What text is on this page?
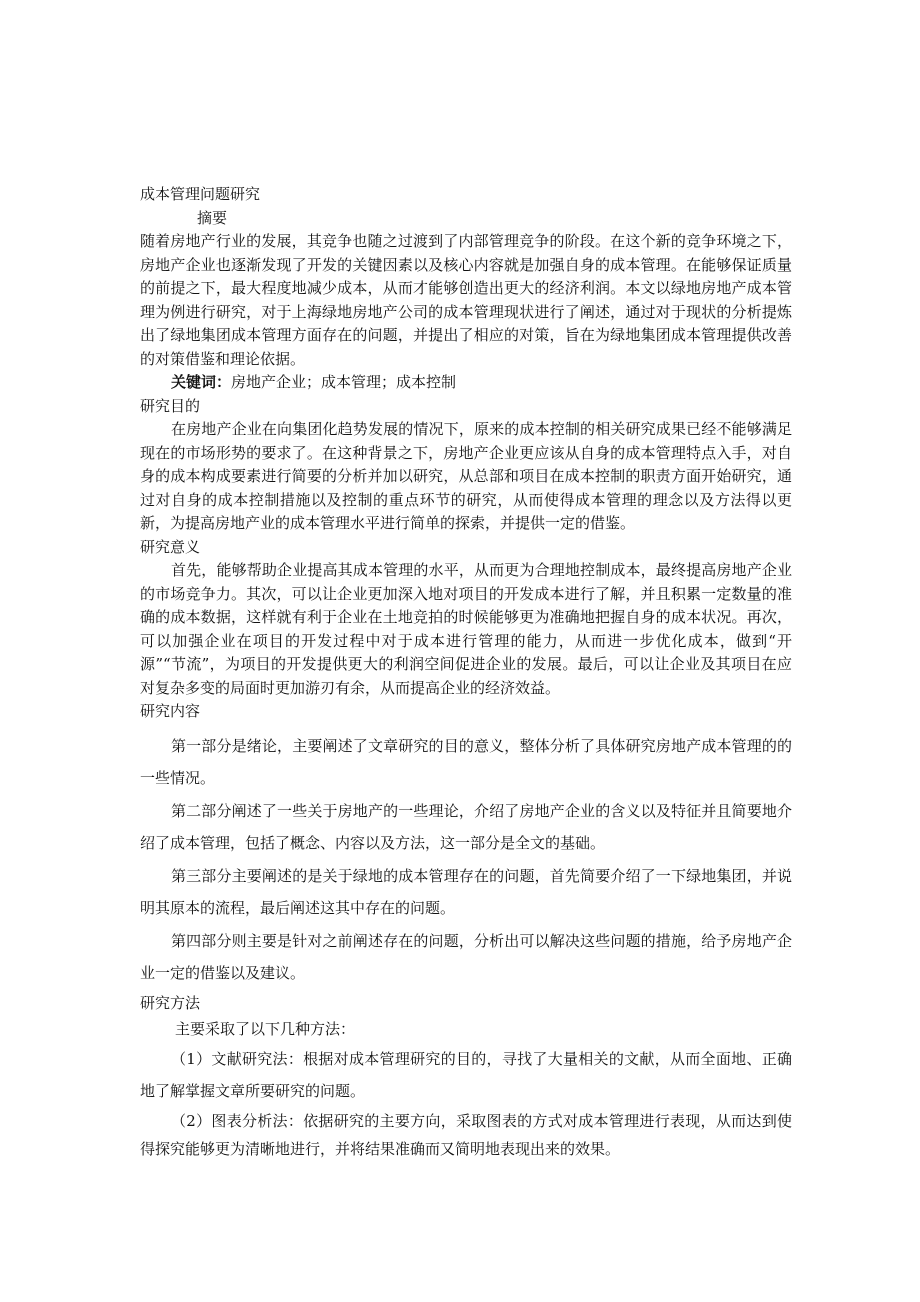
成本管理问题研究

摘要

随着房地产行业的发展，其竞争也随之过渡到了内部管理竞争的阶段。在这个新的竞争环境之下，房地产企业也逐渐发现了开发的关键因素以及核心内容就是加强自身的成本管理。在能够保证质量的前提之下，最大程度地减少成本，从而才能够创造出更大的经济利润。本文以绿地房地产成本管理为例进行研究，对于上海绿地房地产公司的成本管理现状进行了阐述，通过对于现状的分析提炼出了绿地集团成本管理方面存在的问题，并提出了相应的对策，旨在为绿地集团成本管理提供改善的对策借鉴和理论依据。

关键词：房地产企业；成本管理；成本控制

研究目的

在房地产企业在向集团化趋势发展的情况下，原来的成本控制的相关研究成果已经不能够满足现在的市场形势的要求了。在这种背景之下，房地产企业更应该从自身的成本管理特点入手，对自身的成本构成要素进行简要的分析并加以研究，从总部和项目在成本控制的职责方面开始研究，通过对自身的成本控制措施以及控制的重点环节的研究，从而使得成本管理的理念以及方法得以更新，为提高房地产业的成本管理水平进行简单的探索，并提供一定的借鉴。

研究意义

首先，能够帮助企业提高其成本管理的水平，从而更为合理地控制成本，最终提高房地产企业的市场竞争力。其次，可以让企业更加深入地对项目的开发成本进行了解，并且积累一定数量的准确的成本数据，这样就有利于企业在土地竞拍的时候能够更为准确地把握自身的成本状况。再次，可以加强企业在项目的开发过程中对于成本进行管理的能力，从而进一步优化成本，做到“开源”“节流”，为项目的开发提供更大的利润空间促进企业的发展。最后，可以让企业及其项目在应对复杂多变的局面时更加游刃有余，从而提高企业的经济效益。

研究内容

第一部分是绪论，主要阐述了文章研究的目的意义，整体分析了具体研究房地产成本管理的的一些情况。

第二部分阐述了一些关于房地产的一些理论，介绍了房地产企业的含义以及特征并且简要地介绍了成本管理，包括了概念、内容以及方法，这一部分是全文的基础。

第三部分主要阐述的是关于绿地的成本管理存在的问题，首先简要介绍了一下绿地集团，并说明其原本的流程，最后阐述这其中存在的问题。

第四部分则主要是针对之前阐述存在的问题，分析出可以解决这些问题的措施，给予房地产企业一定的借鉴以及建议。

研究方法

主要采取了以下几种方法：

（1）文献研究法：根据对成本管理研究的目的，寻找了大量相关的文献，从而全面地、正确地了解掌握文章所要研究的问题。

（2）图表分析法：依据研究的主要方向，采取图表的方式对成本管理进行表现，从而达到使得探究能够更为清晰地进行，并将结果准确而又简明地表现出来的效果。
